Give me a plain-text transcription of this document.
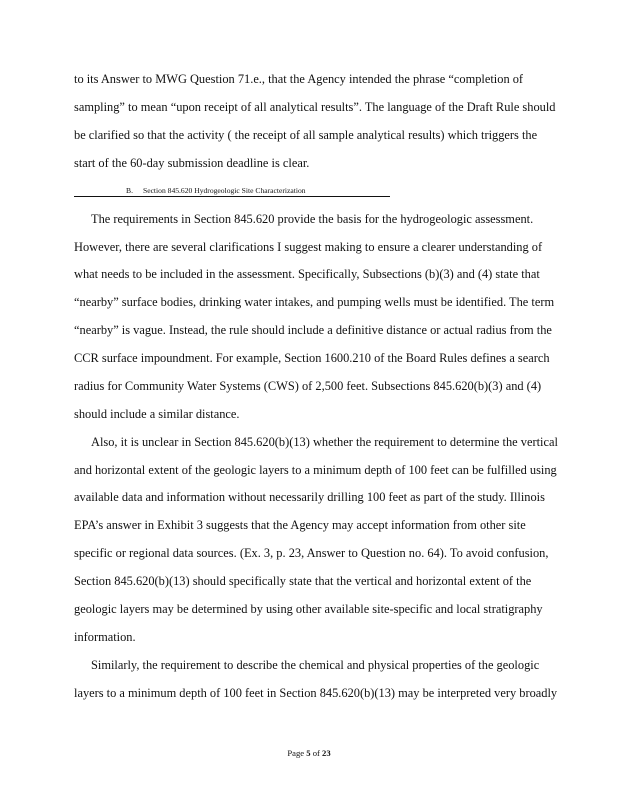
to its Answer to MWG Question 71.e., that the Agency intended the phrase “completion of
sampling” to mean “upon receipt of all analytical results”. The language of the Draft Rule should
be clarified so that the activity ( the receipt of all sample analytical results) which triggers the
start of the 60-day submission deadline is clear.
B. Section 845.620 Hydrogeologic Site Characterization
The requirements in Section 845.620 provide the basis for the hydrogeologic assessment.
However, there are several clarifications I suggest making to ensure a clearer understanding of
what needs to be included in the assessment. Specifically, Subsections (b)(3) and (4) state that
“nearby” surface bodies, drinking water intakes, and pumping wells must be identified. The term
“nearby” is vague. Instead, the rule should include a definitive distance or actual radius from the
CCR surface impoundment. For example, Section 1600.210 of the Board Rules defines a search
radius for Community Water Systems (CWS) of 2,500 feet. Subsections 845.620(b)(3) and (4)
should include a similar distance.
Also, it is unclear in Section 845.620(b)(13) whether the requirement to determine the vertical
and horizontal extent of the geologic layers to a minimum depth of 100 feet can be fulfilled using
available data and information without necessarily drilling 100 feet as part of the study. Illinois
EPA’s answer in Exhibit 3 suggests that the Agency may accept information from other site
specific or regional data sources. (Ex. 3, p. 23, Answer to Question no. 64). To avoid confusion,
Section 845.620(b)(13) should specifically state that the vertical and horizontal extent of the
geologic layers may be determined by using other available site-specific and local stratigraphy
information.
Similarly, the requirement to describe the chemical and physical properties of the geologic
layers to a minimum depth of 100 feet in Section 845.620(b)(13) may be interpreted very broadly
Page 5 of 23
